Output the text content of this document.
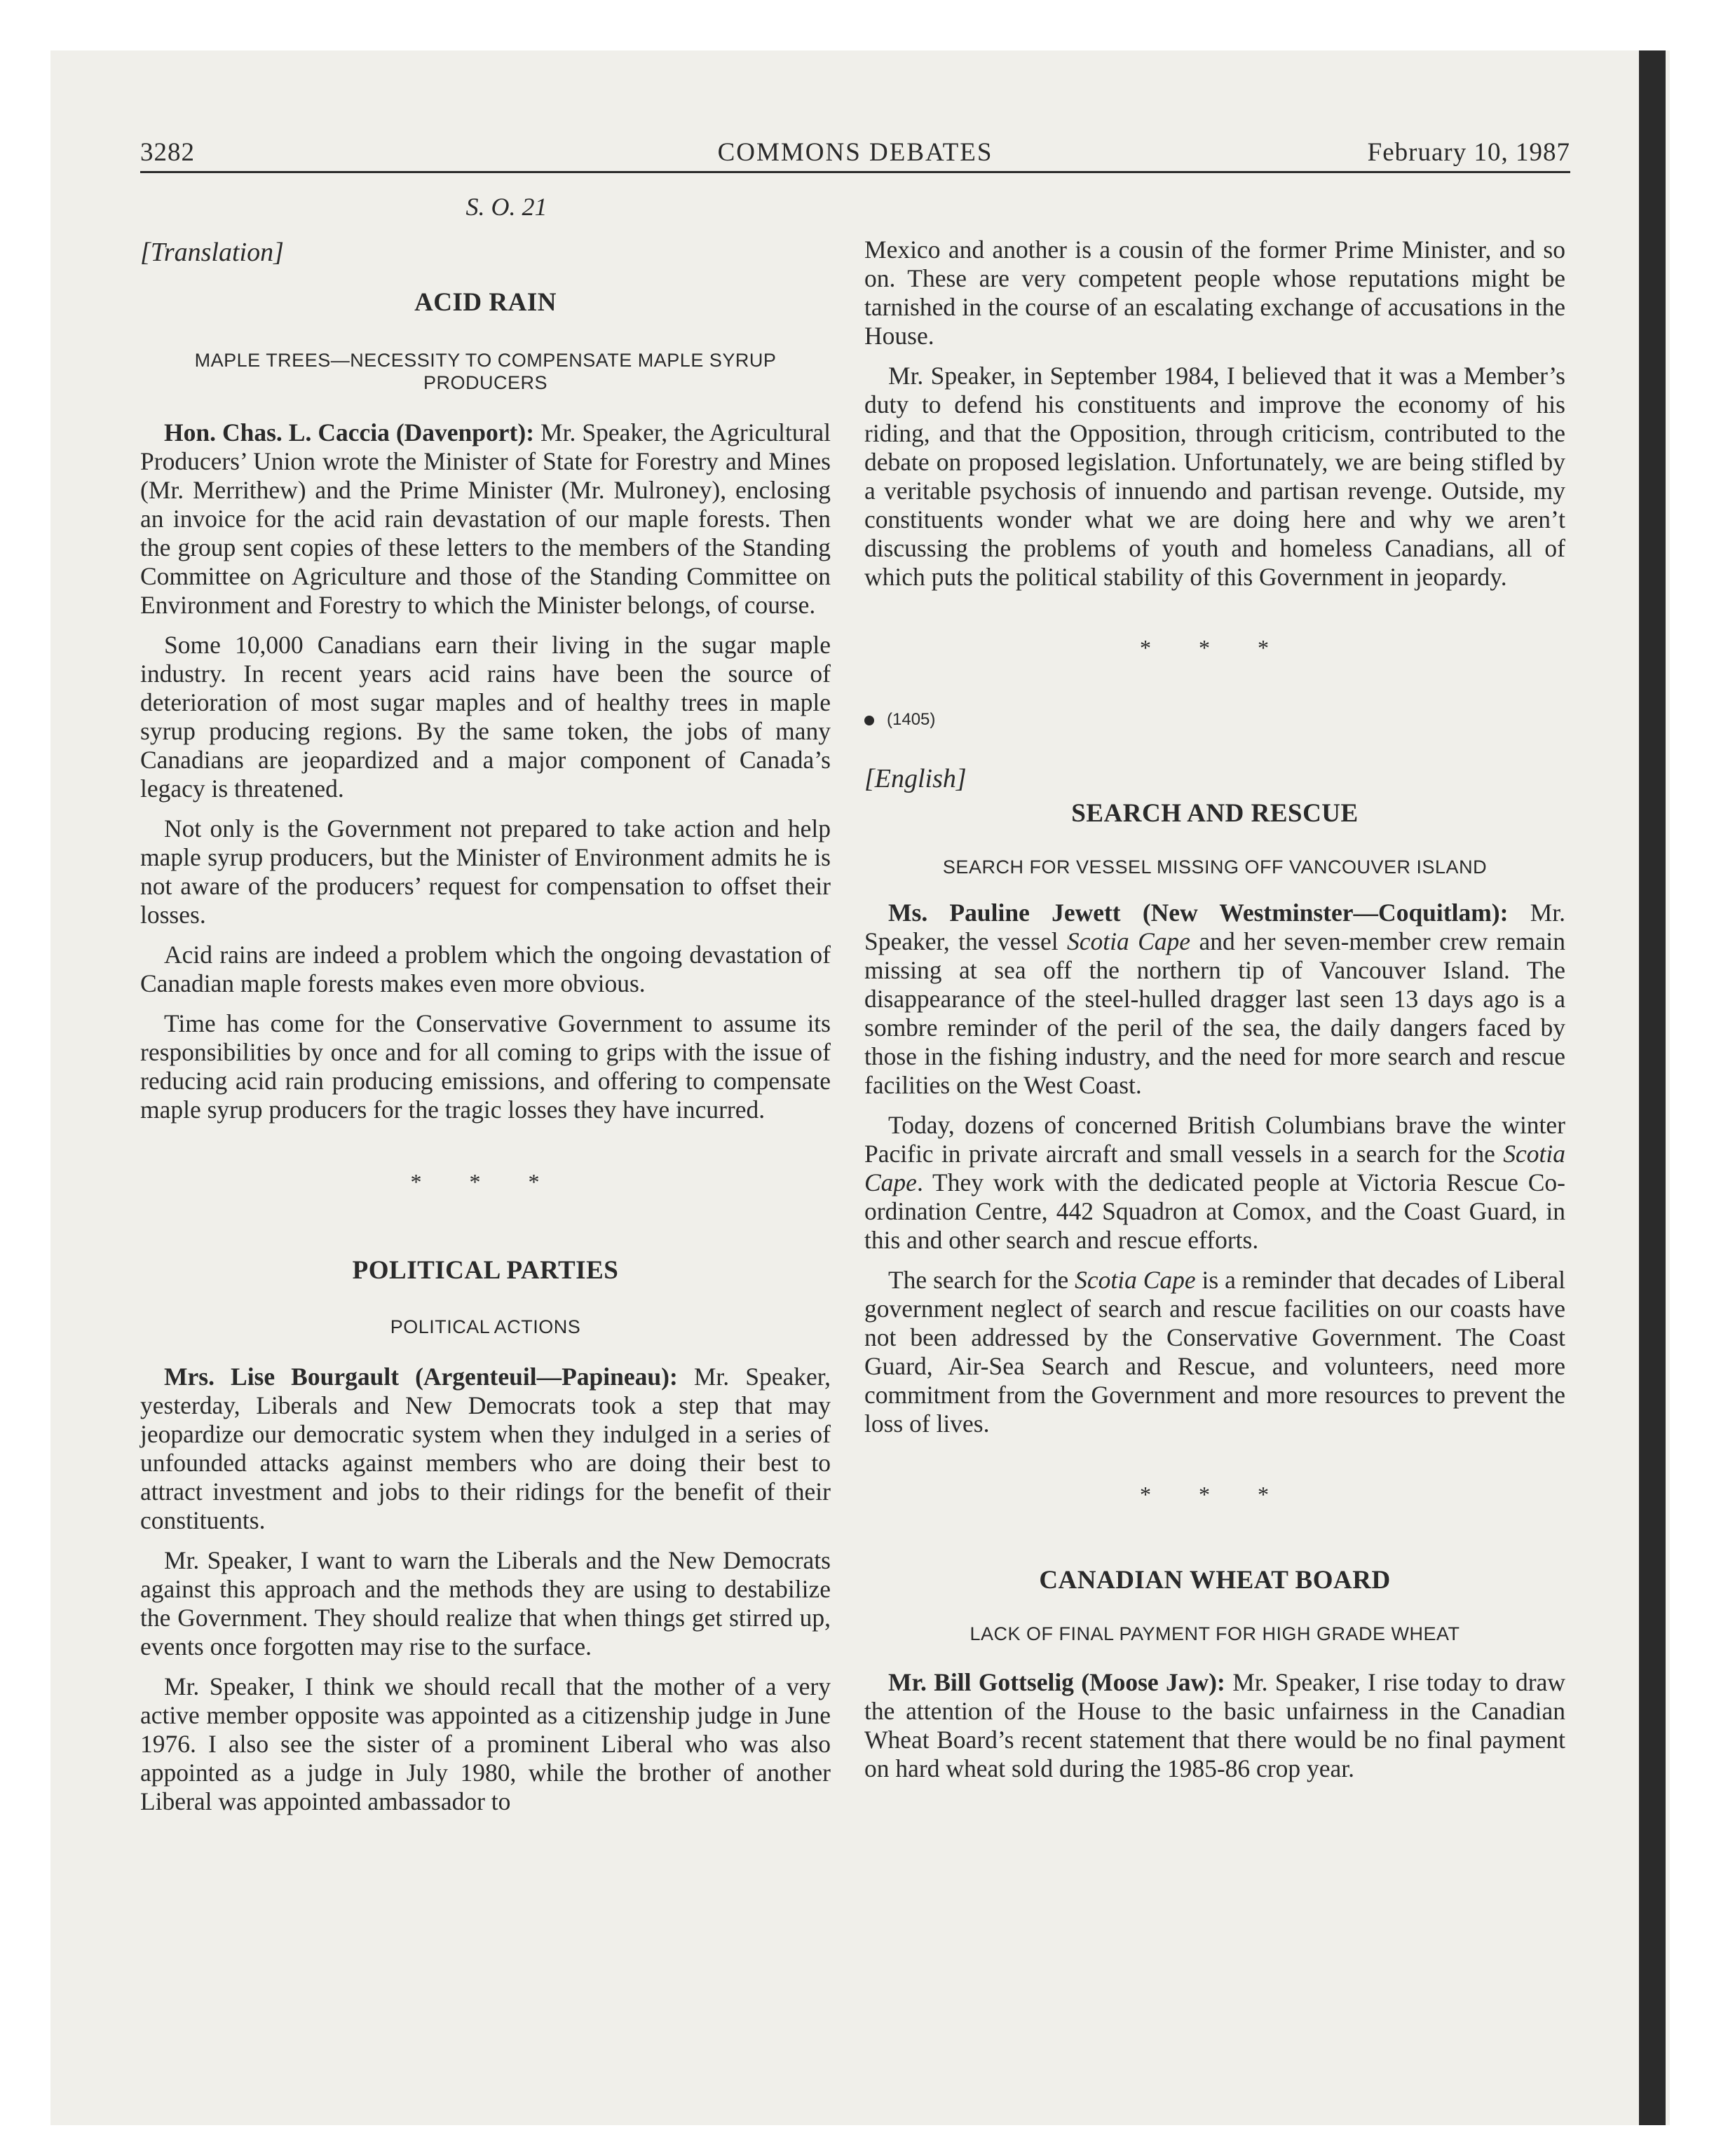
3282	COMMONS DEBATES	February 10, 1987

S. O. 21

[Translation]

ACID RAIN

MAPLE TREES—NECESSITY TO COMPENSATE MAPLE SYRUP PRODUCERS

Hon. Chas. L. Caccia (Davenport): Mr. Speaker, the Agricultural Producers’ Union wrote the Minister of State for Forestry and Mines (Mr. Merrithew) and the Prime Minister (Mr. Mulroney), enclosing an invoice for the acid rain devastation of our maple forests. Then the group sent copies of these letters to the members of the Standing Committee on Agriculture and those of the Standing Committee on Environment and Forestry to which the Minister belongs, of course.

Some 10,000 Canadians earn their living in the sugar maple industry. In recent years acid rains have been the source of deterioration of most sugar maples and of healthy trees in maple syrup producing regions. By the same token, the jobs of many Canadians are jeopardized and a major component of Canada’s legacy is threatened.

Not only is the Government not prepared to take action and help maple syrup producers, but the Minister of Environment admits he is not aware of the producers’ request for compensation to offset their losses.

Acid rains are indeed a problem which the ongoing devastation of Canadian maple forests makes even more obvious.

Time has come for the Conservative Government to assume its responsibilities by once and for all coming to grips with the issue of reducing acid rain producing emissions, and offering to compensate maple syrup producers for the tragic losses they have incurred.

* * *
POLITICAL PARTIES

POLITICAL ACTIONS

Mrs. Lise Bourgault (Argenteuil—Papineau): Mr. Speaker, yesterday, Liberals and New Democrats took a step that may jeopardize our democratic system when they indulged in a series of unfounded attacks against members who are doing their best to attract investment and jobs to their ridings for the benefit of their constituents.

Mr. Speaker, I want to warn the Liberals and the New Democrats against this approach and the methods they are using to destabilize the Government. They should realize that when things get stirred up, events once forgotten may rise to the surface.

Mr. Speaker, I think we should recall that the mother of a very active member opposite was appointed as a citizenship judge in June 1976. I also see the sister of a prominent Liberal who was also appointed as a judge in July 1980, while the brother of another Liberal was appointed ambassador to

Mexico and another is a cousin of the former Prime Minister, and so on. These are very competent people whose reputations might be tarnished in the course of an escalating exchange of accusations in the House.

Mr. Speaker, in September 1984, I believed that it was a Member’s duty to defend his constituents and improve the economy of his riding, and that the Opposition, through criticism, contributed to the debate on proposed legislation. Unfortunately, we are being stifled by a veritable psychosis of innuendo and partisan revenge. Outside, my constituents wonder what we are doing here and why we aren’t discussing the problems of youth and homeless Canadians, all of which puts the political stability of this Government in jeopardy.

* * *

(1405)

[English]

SEARCH AND RESCUE

SEARCH FOR VESSEL MISSING OFF VANCOUVER ISLAND

Ms. Pauline Jewett (New Westminster—Coquitlam): Mr. Speaker, the vessel Scotia Cape and her seven-member crew remain missing at sea off the northern tip of Vancouver Island. The disappearance of the steel-hulled dragger last seen 13 days ago is a sombre reminder of the peril of the sea, the daily dangers faced by those in the fishing industry, and the need for more search and rescue facilities on the West Coast.

Today, dozens of concerned British Columbians brave the winter Pacific in private aircraft and small vessels in a search for the Scotia Cape. They work with the dedicated people at Victoria Rescue Co-ordination Centre, 442 Squadron at Comox, and the Coast Guard, in this and other search and rescue efforts.

The search for the Scotia Cape is a reminder that decades of Liberal government neglect of search and rescue facilities on our coasts have not been addressed by the Conservative Government. The Coast Guard, Air-Sea Search and Rescue, and volunteers, need more commitment from the Government and more resources to prevent the loss of lives.

* * *
CANADIAN WHEAT BOARD

LACK OF FINAL PAYMENT FOR HIGH GRADE WHEAT

Mr. Bill Gottselig (Moose Jaw): Mr. Speaker, I rise today to draw the attention of the House to the basic unfairness in the Canadian Wheat Board’s recent statement that there would be no final payment on hard wheat sold during the 1985-86 crop year.
